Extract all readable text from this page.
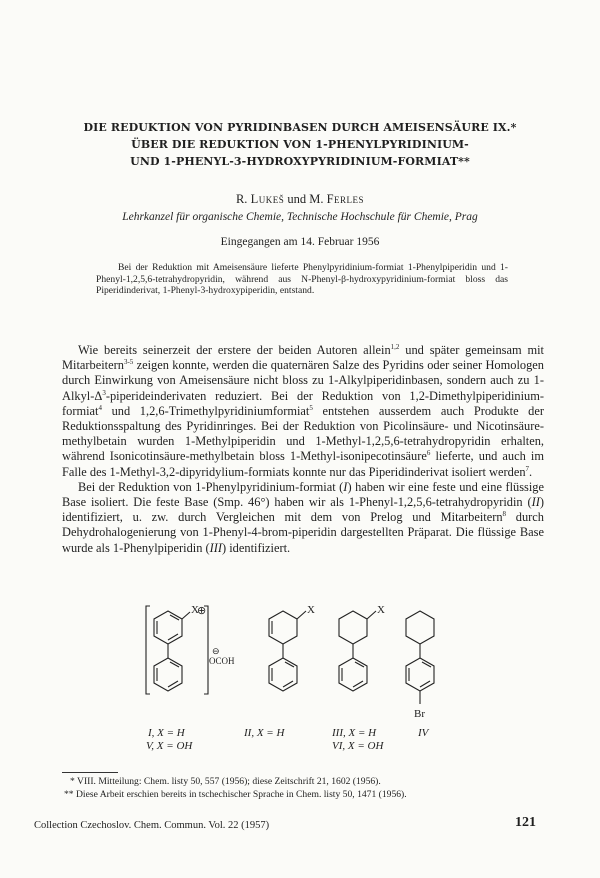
DIE REDUKTION VON PYRIDINBASEN DURCH AMEISENSÄURE IX.*
ÜBER DIE REDUKTION VON 1-PHENYLPYRIDINIUM-
UND 1-PHENYL-3-HYDROXYPYRIDINIUM-FORMIAT**
R. Lukeš und M. Ferles
Lehrkanzel für organische Chemie, Technische Hochschule für Chemie, Prag
Eingegangen am 14. Februar 1956

Bei der Reduktion mit Ameisensäure lieferte Phenylpyridinium-formiat 1-Phenylpiperidin und 1-Phenyl-1,2,5,6-tetrahydropyridin, während aus N-Phenyl-β-hydroxypyridinium-formiat bloss das Piperidinderivat, 1-Phenyl-3-hydroxypiperidin, entstand.

Wie bereits seinerzeit der erstere der beiden Autoren allein$^{1,2}$ und später gemeinsam mit Mitarbeitern$^{3-5}$ zeigen konnte, werden die quaternären Salze des Pyridins oder seiner Homologen durch Einwirkung von Ameisensäure nicht bloss zu 1-Alkylpiperidinbasen, sondern auch zu $1-Alkyl-\Delta^3$-piperideinderivaten reduziert. Bei der Reduktion von 1,2-Dimethylpiperidinium-formiat$^4$ und 1,2,6-Trimethylpyridiniumformiat$^5$ entstehen ausserdem auch Produkte der Reduktionsspaltung des Pyridinringes. Bei der Reduktion von Picolinsäure- und Nicotinsäure-methylbetain wurden 1-Methylpiperidin und 1-Methyl-1,2,5,6-tetrahydropyridin erhalten, während Isonicotinsäure-methylbetain bloss 1-Methyl-isonipecotinsäure$^6$ lieferte, und auch im Falle des 1-Methyl-3,2-dipyridylium-formiats konnte nur das Piperidinderivat isoliert werden$^7$.

Bei der Reduktion von 1-Phenylpyridinium-formiat (I) haben wir eine feste und eine flüssige Base isoliert. Die feste Base (Smp. 46°) haben wir als 1-Phenyl-1,2,5,6-tetrahydropyridin (II) identifiziert, u. zw. durch Vergleichen mit dem von Prelog und Mitarbeitern$^8$ durch Dehydrohalogenierung von 1-Phenyl-4-brom-piperidin dargestellten Präparat. Die flüssige Base wurde als 1-Phenylpiperidin (III) identifiziert.

X
⊕
⊖
OCOH
X	X
Br
I, X = H
V, X = OH
II, X = H	III, X = H
VI, X = OH
IV
* VIII. Mitteilung: Chem. listy 50, 557 (1956); diese Zeitschrift 21, 1602 (1956).
** Diese Arbeit erschien bereits in tschechischer Sprache in Chem. listy 50, 1471 (1956).
Collection Czechoslov. Chem. Commun. Vol. 22 (1957)	121
